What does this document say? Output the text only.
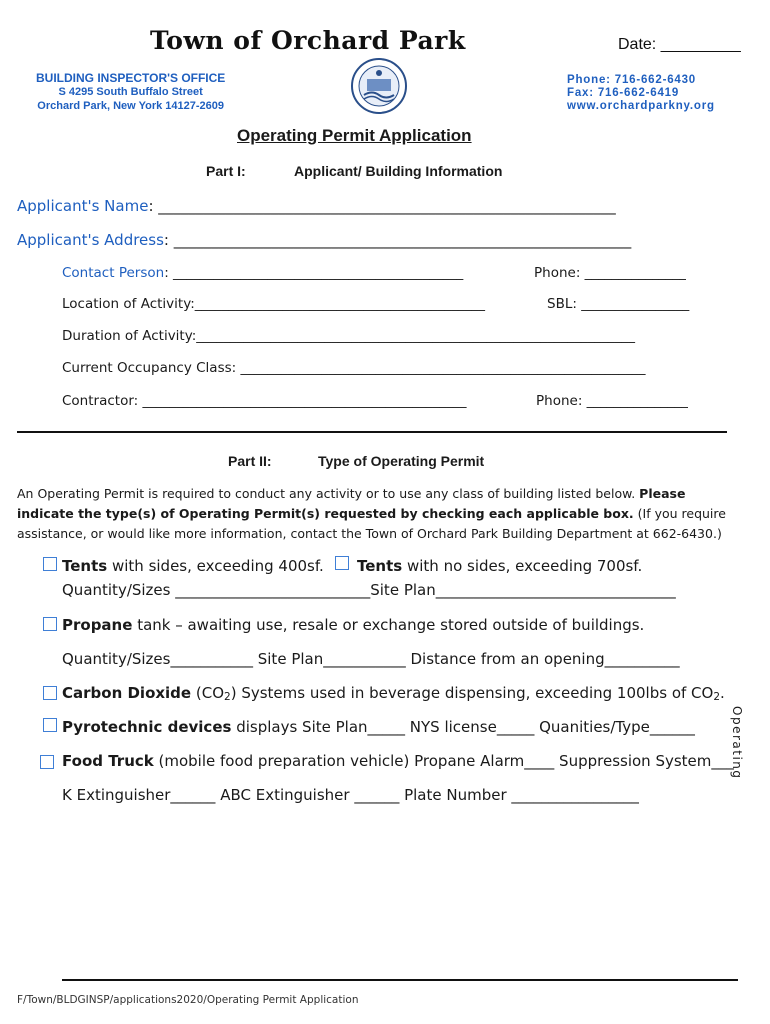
Town of Orchard Park	Date: _________
BUILDING INSPECTOR'S OFFICE
S 4295 South Buffalo Street
Orchard Park, New York 14127-2609
Phone: 716-662-6430
Fax: 716-662-6419
www.orchardparkny.org
Operating Permit Application
Part I:	Applicant/ Building Information
Applicant's Name: _____________________________________________________________
Applicant's Address: _____________________________________________________________
Contact Person: ___________________________________________	Phone: _______________
Location of Activity:___________________________________________	SBL: ________________
Duration of Activity:_________________________________________________________________
Current Occupancy Class: ____________________________________________________________
Contractor: ________________________________________________	Phone: _______________
Part II:	Type of Operating Permit
An Operating Permit is required to conduct any activity or to use any class of building listed below. Please indicate the type(s) of Operating Permit(s) requested by checking each applicable box. (If you require assistance, or would like more information, contact the Town of Orchard Park Building Department at 662-6430.)
Tents with sides, exceeding 400sf. Tents with no sides, exceeding 700sf.
Quantity/Sizes __________________________Site Plan________________________________
Propane tank – awaiting use, resale or exchange stored outside of buildings.
Quantity/Sizes___________ Site Plan___________ Distance from an opening__________
Carbon Dioxide $(CO_2)$ Systems used in beverage dispensing, exceeding 100lbs of $CO_2$.
Pyrotechnic devices displays Site Plan_____ NYS license_____ Quanities/Type______
Food Truck (mobile food preparation vehicle) Propane Alarm____ Suppression System___
K Extinguisher______ ABC Extinguisher ______ Plate Number _________________
Operating
F/Town/BLDGINSP/applications2020/Operating Permit Application
